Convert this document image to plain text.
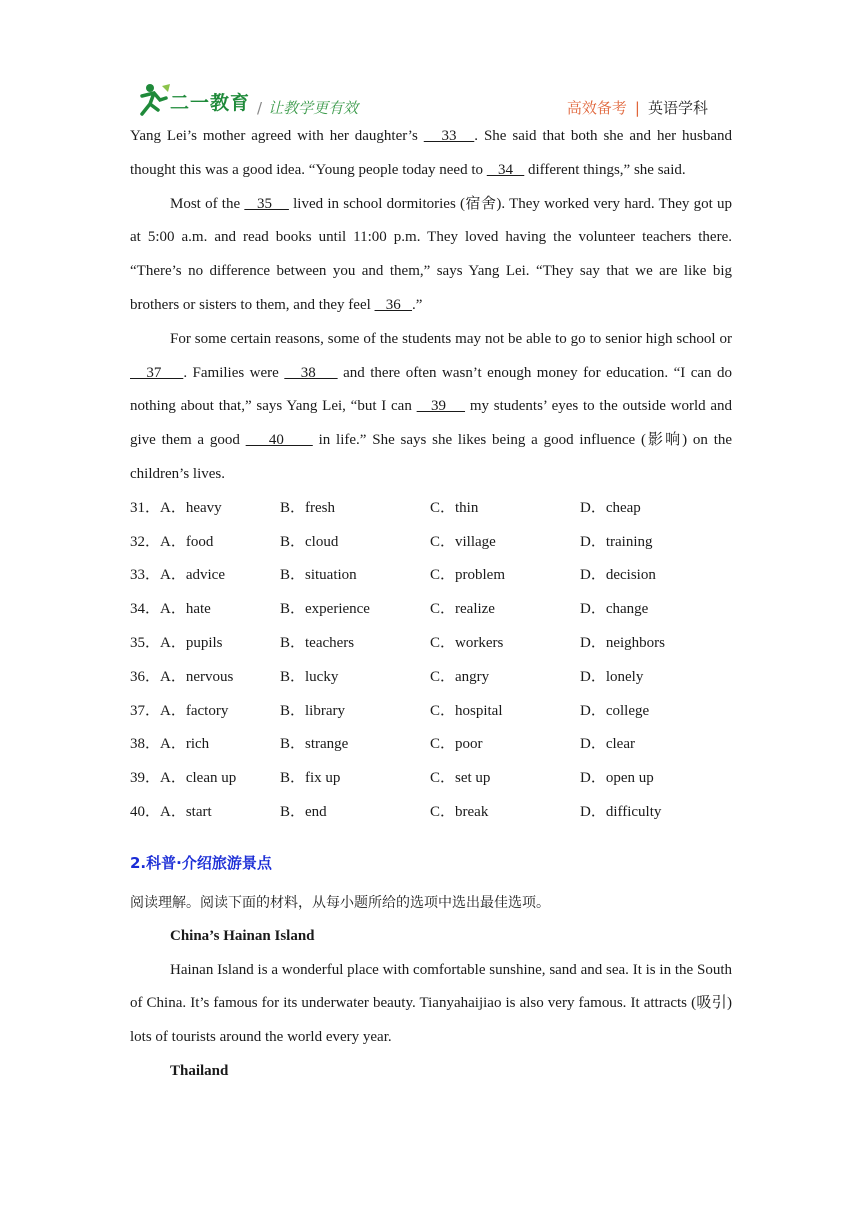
二一教育 / 让教学更有效	高效备考 | 英语学科

Yang Lei’s mother agreed with her daughter’s    33   . She said that both she and her husband thought this was a good idea. “Young people today need to    34    different things,” she said.

Most of the    35     lived in school dormitories (宿舍). They worked very hard. They got up at 5:00 a.m. and read books until 11:00 p.m. They loved having the volunteer teachers there. “There’s no difference between you and them,” says Yang Lei. “They say that we are like big brothers or sisters to them, and they feel    36   .”

For some certain reasons, some of the students may not be able to go to senior high school or    37    . Families were    38     and there often wasn’t enough money for education. “I can do nothing about that,” says Yang Lei, “but I can    39     my students’ eyes to the outside world and give them a good     40      in life.” She says she likes being a good influence (影响) on the children’s lives.

31．A．heavy	B．fresh	C．thin	D．cheap
32．A．food	B．cloud	C．village	D．training
33．A．advice	B．situation	C．problem	D．decision
34．A．hate	B．experience	C．realize	D．change
35．A．pupils	B．teachers	C．workers	D．neighbors
36．A．nervous	B．lucky	C．angry	D．lonely
37．A．factory	B．library	C．hospital	D．college
38．A．rich	B．strange	C．poor	D．clear
39．A．clean up	B．fix up	C．set up	D．open up
40．A．start	B．end	C．break	D．difficulty

2.科普·介绍旅游景点

阅读理解。阅读下面的材料，从每小题所给的选项中选出最佳选项。

China’s Hainan Island

Hainan Island is a wonderful place with comfortable sunshine, sand and sea. It is in the South of China. It’s famous for its underwater beauty. Tianyahaijiao is also very famous. It attracts (吸引) lots of tourists around the world every year.

Thailand
